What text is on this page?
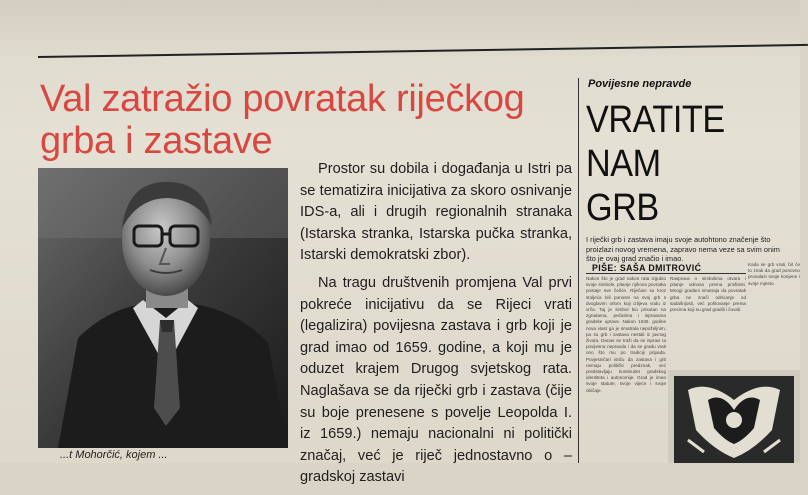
Val zatražio povratak riječkog
grba i zastave
...t Mohorčić, kojem ...

Prostor su dobila i događanja u Istri pa se tematizira inicijativa za skoro osnivanje IDS-a, ali i drugih regionalnih stranaka (Istarska stranka, Istarska pučka stranka, Istarski demokratski zbor).

Na tragu društvenih promjena Val prvi pokreće inicijativu da se Rijeci vrati (legalizira) povijesna zastava i grb koji je grad imao od 1659. godine, a koji mu je oduzet krajem Drugog svjetskog rata. Naglašava se da riječki grb i zastava (čije su boje prenesene s povelje Leopolda I. iz 1659.) nemaju nacionalni ni politički značaj, već je riječ jednostavno o – gradskoj zastavi

Povijesne nepravde
VRATITE
NAM
GRB
I riječki grb i zastava imaju svoje autohtono značenje što proizlazi novog vremena, zapravo nema veze sa svim onim što je ovaj grad značio i imao.
PIŠE: SAŠA DMITROVIĆ
Nakon što je grad nakon rata izgubio svoje simbole, pitanje njihova povratka postaje sve češće. Riječani su kroz stoljeća bili ponosni na svoj grb s dvoglavim orlom koji izlijeva vodu iz vrča. Taj je simbol bio prisutan na zgradama, pečatima i ispravama gradske uprave. Nakon 1945. godine nova vlast ga je smatrala nepoželjnim, pa su grb i zastava nestali iz javnog života. Danas se traži da se ispravi ta povijesna nepravda i da se gradu vrati ono što mu po tradiciji pripada. Povjesničari ističu da zastava i grb nemaju politički predznak, već predstavljaju kontinuitet gradskog identiteta i autonomije. Grad je imao svoje statute, svoje vijeće i svoje običaje.
Rasprava o simbolima otvara i pitanje odnosa prema prošlosti. Mnogi građani smatraju da povratak grba ne znači odricanje od sadašnjosti, već poštovanje prema precima koji su grad gradili i čuvali.
Kada se grb vrati, bit će to znak da grad ponovno pronalazi svoje korijene i svoje mjesto.
